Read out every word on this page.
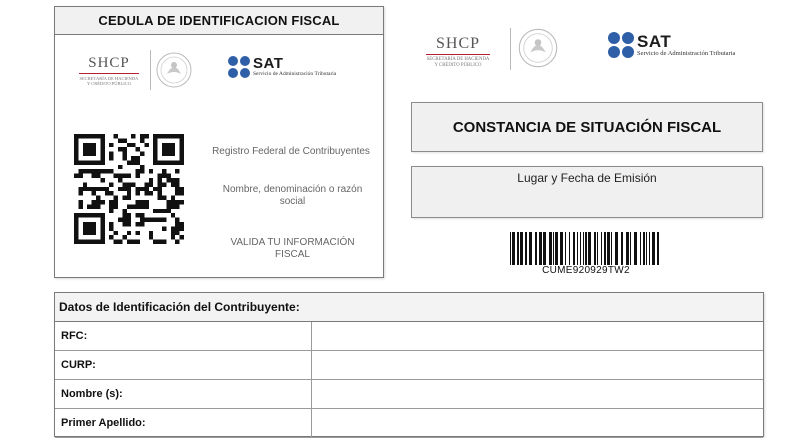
CEDULA DE IDENTIFICACION FISCAL
SHCP
SECRETARÍA DE HACIENDA
Y CRÉDITO PÚBLICO
SAT
Servicio de Administración Tributaria
Registro Federal de Contribuyentes
Nombre, denominación o razón social
VALIDA TU INFORMACIÓN FISCAL
SHCP
SECRETARÍA DE HACIENDA
Y CRÉDITO PÚBLICO
SAT
Servicio de Administración Tributaria
CONSTANCIA DE SITUACIÓN FISCAL
Lugar y Fecha de Emisión
CUME920929TW2
Datos de Identificación del Contribuyente:
RFC:
CURP:
Nombre (s):
Primer Apellido:
